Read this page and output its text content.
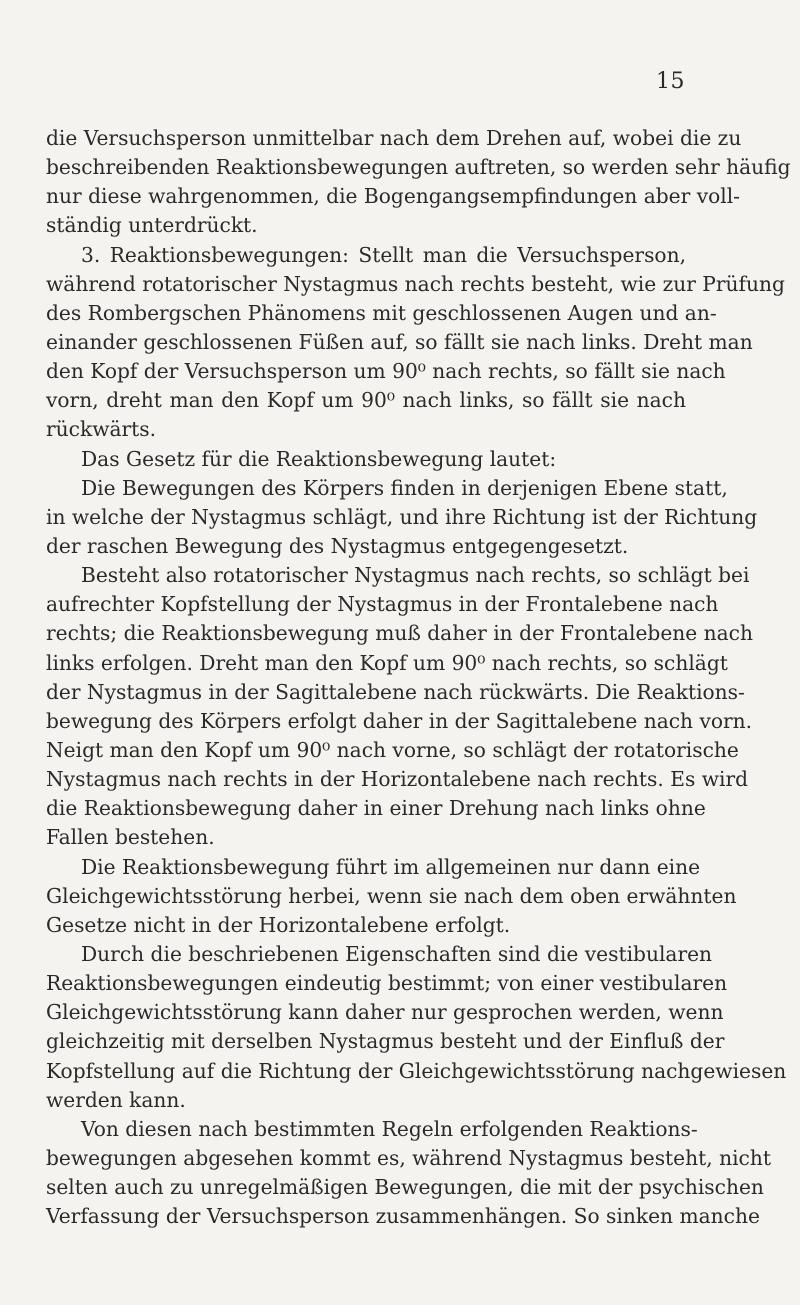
15
die Versuchsperson unmittelbar nach dem Drehen auf, wobei die zu
beschreibenden Reaktionsbewegungen auftreten, so werden sehr häufig
nur diese wahrgenommen, die Bogengangsempfindungen aber voll-
ständig unterdrückt.
3. Reaktionsbewegungen: Stellt man die Versuchsperson,
während rotatorischer Nystagmus nach rechts besteht, wie zur Prüfung
des Rombergschen Phänomens mit geschlossenen Augen und an-
einander geschlossenen Füßen auf, so fällt sie nach links. Dreht man
den Kopf der Versuchsperson um 90⁰ nach rechts, so fällt sie nach
vorn, dreht man den Kopf um 90⁰ nach links, so fällt sie nach
rückwärts.
Das Gesetz für die Reaktionsbewegung lautet:
Die Bewegungen des Körpers finden in derjenigen Ebene statt,
in welche der Nystagmus schlägt, und ihre Richtung ist der Richtung
der raschen Bewegung des Nystagmus entgegengesetzt.
Besteht also rotatorischer Nystagmus nach rechts, so schlägt bei
aufrechter Kopfstellung der Nystagmus in der Frontalebene nach
rechts; die Reaktionsbewegung muß daher in der Frontalebene nach
links erfolgen. Dreht man den Kopf um 90⁰ nach rechts, so schlägt
der Nystagmus in der Sagittalebene nach rückwärts. Die Reaktions-
bewegung des Körpers erfolgt daher in der Sagittalebene nach vorn.
Neigt man den Kopf um 90⁰ nach vorne, so schlägt der rotatorische
Nystagmus nach rechts in der Horizontalebene nach rechts. Es wird
die Reaktionsbewegung daher in einer Drehung nach links ohne
Fallen bestehen.
Die Reaktionsbewegung führt im allgemeinen nur dann eine
Gleichgewichtsstörung herbei, wenn sie nach dem oben erwähnten
Gesetze nicht in der Horizontalebene erfolgt.
Durch die beschriebenen Eigenschaften sind die vestibularen
Reaktionsbewegungen eindeutig bestimmt; von einer vestibularen
Gleichgewichtsstörung kann daher nur gesprochen werden, wenn
gleichzeitig mit derselben Nystagmus besteht und der Einfluß der
Kopfstellung auf die Richtung der Gleichgewichtsstörung nachgewiesen
werden kann.
Von diesen nach bestimmten Regeln erfolgenden Reaktions-
bewegungen abgesehen kommt es, während Nystagmus besteht, nicht
selten auch zu unregelmäßigen Bewegungen, die mit der psychischen
Verfassung der Versuchsperson zusammenhängen. So sinken manche
